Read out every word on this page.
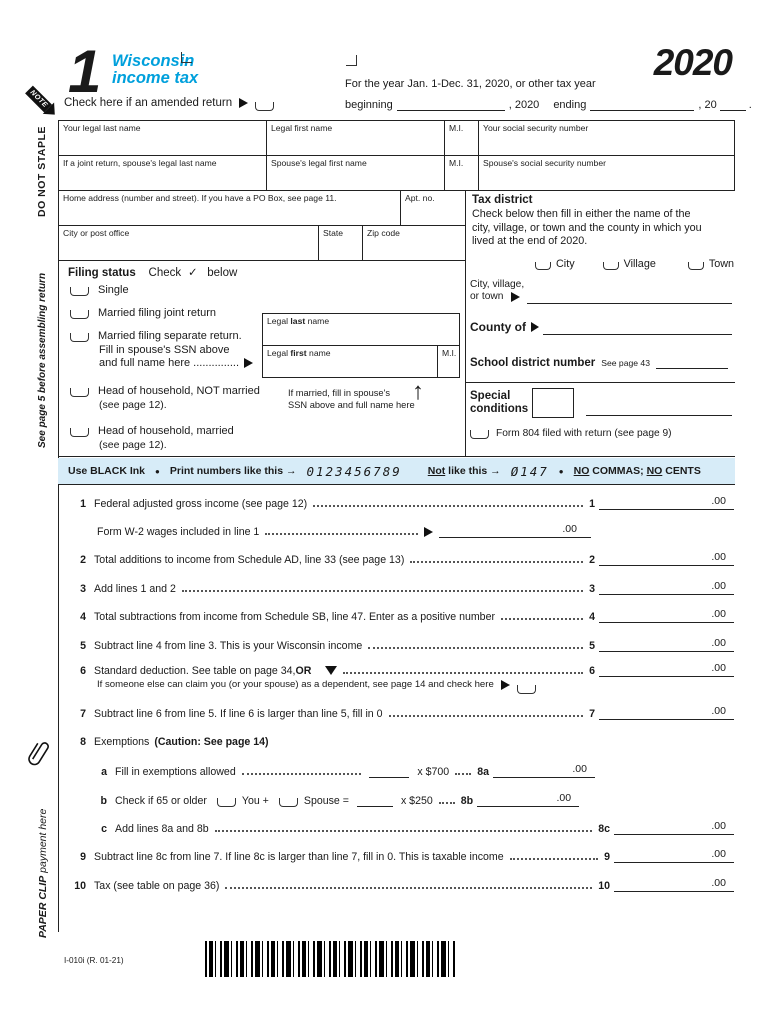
NOTE
DO NOT STAPLE
See page 5 before assembling return
PAPER CLIP payment here
1 Wisconsin
income tax	2020
For the year Jan. 1-Dec. 31, 2020, or other tax year
beginning	, 2020 ending	, 20	.
Check here if an amended return
Your legal last name	Legal first name	M.I.	Your social security number
If a joint return, spouse's legal last name	Spouse's legal first name	M.I.	Spouse's social security number
Home address (number and street). If you have a PO Box, see page 11.	Apt. no.
City or post office	State	Zip code
Tax district
Check below then fill in either the name of the
city, village, or town and the county in which you
lived at the end of 2020.
City	Village	Town
City, village,
or town
County of
School district number See page 43
Special
conditions
Form 804 filed with return (see page 9)
Filing status Check ✓ below
Single
Married filing joint return
Married filing separate return.
Fill in spouse's SSN above
and full name here ...............
Head of household, NOT married
(see page 12).
Head of household, married
(see page 12).
Legal last name
Legal first name	M.I.
If married, fill in spouse's
SSN above and full name here
↑
Use BLACK Ink ● Print numbers like this → 0123456789 Not like this → Ø147 ● NO COMMAS; NO CENTS
1 Federal adjusted gross income (see page 12)	1	.00
Form W-2 wages included in line 1	.00
2 Total additions to income from Schedule AD, line 33 (see page 13)	2	.00
3 Add lines 1 and 2	3	.00
4 Total subtractions from income from Schedule SB, line 47. Enter as a positive number	4	.00
5 Subtract line 4 from line 3. This is your Wisconsin income	5	.00
6 Standard deduction. See table on page 34, OR	6	.00
If someone else can claim you (or your spouse) as a dependent, see page 14 and check here
7 Subtract line 6 from line 5. If line 6 is larger than line 5, fill in 0	7	.00
8 Exemptions (Caution: See page 14)
a Fill in exemptions allowed	x $700	8a	.00
b Check if 65 or older	You +	Spouse =	x $250	8b	.00
c Add lines 8a and 8b	8c	.00
9 Subtract line 8c from line 7. If line 8c is larger than line 7, fill in 0. This is taxable income	9	.00
10 Tax (see table on page 36)	10	.00
I-010i (R. 01-21)
